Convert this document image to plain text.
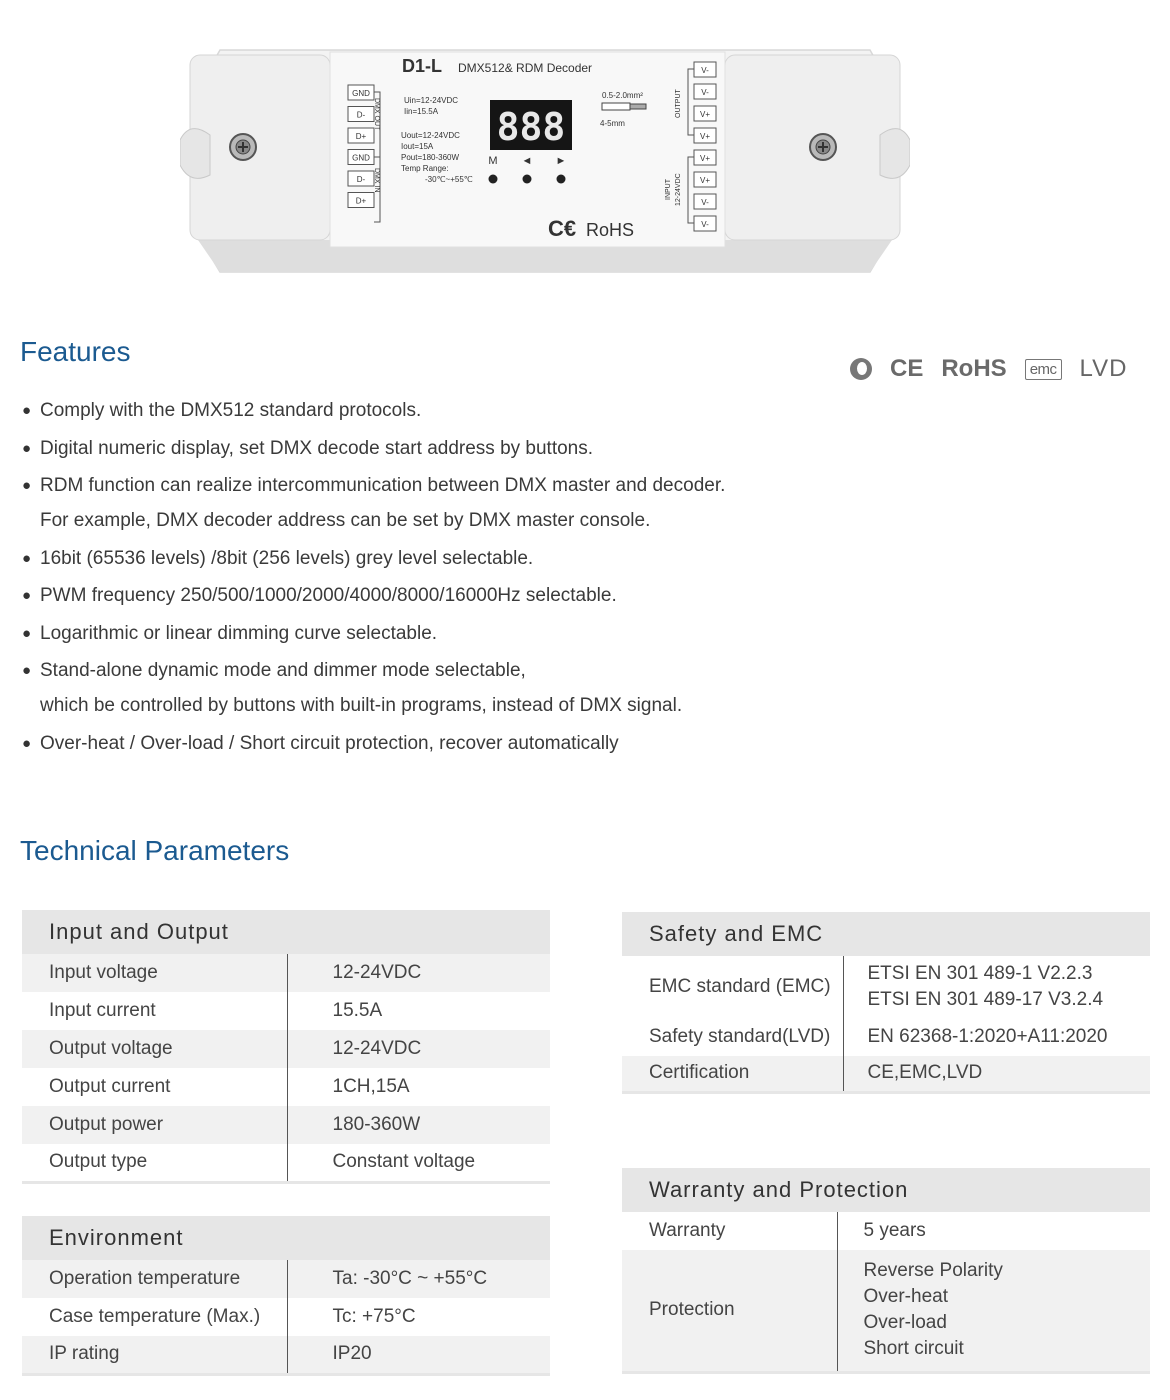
GND
D-
D+
GND
D-
D+
DMX OUT
DMX IN
D1-L DMX512& RDM Decoder
Uin=12-24VDC
Iin=15.5A
Uout=12-24VDC
Iout=15A
Pout=180-360W
Temp Range:
-30℃~+55℃
888
M ◄ ►
0.5-2.0mm²
4-5mm
C€ RoHS
V-
V-
V+
V+
V+
V+
V-
V-
OUTPUT
INPUT 12-24VDC
Features
CE RoHS	emc LVD
● Comply with the DMX512 standard protocols.
● Digital numeric display, set DMX decode start address by buttons.
● RDM function can realize intercommunication between DMX master and decoder.
For example, DMX decoder address can be set by DMX master console.
● 16bit (65536 levels) /8bit (256 levels) grey level selectable.
● PWM frequency 250/500/1000/2000/4000/8000/16000Hz selectable.
● Logarithmic or linear dimming curve selectable.
● Stand-alone dynamic mode and dimmer mode selectable,
which be controlled by buttons with built-in programs, instead of DMX signal.
● Over-heat / Over-load / Short circuit protection, recover automatically
Technical Parameters
Input and Output	
Input voltage	12-24VDC
Input current	15.5A
Output voltage	12-24VDC
Output current	1CH,15A
Output power	180-360W
Output type	Constant voltage
Environment	
Operation temperature	Ta: -30°C ~ +55°C
Case temperature (Max.)	Tc: +75°C
IP rating	IP20
Safety and EMC	
EMC standard (EMC)	ETSI EN 301 489-1 V2.2.3
ETSI EN 301 489-17 V3.2.4

Safety standard(LVD)	EN 62368-1:2020+A11:2020
Certification	CE,EMC,LVD
Warranty and Protection	
Warranty	5 years
Protection	Reverse Polarity
Over-heat
Over-load
Short circuit
